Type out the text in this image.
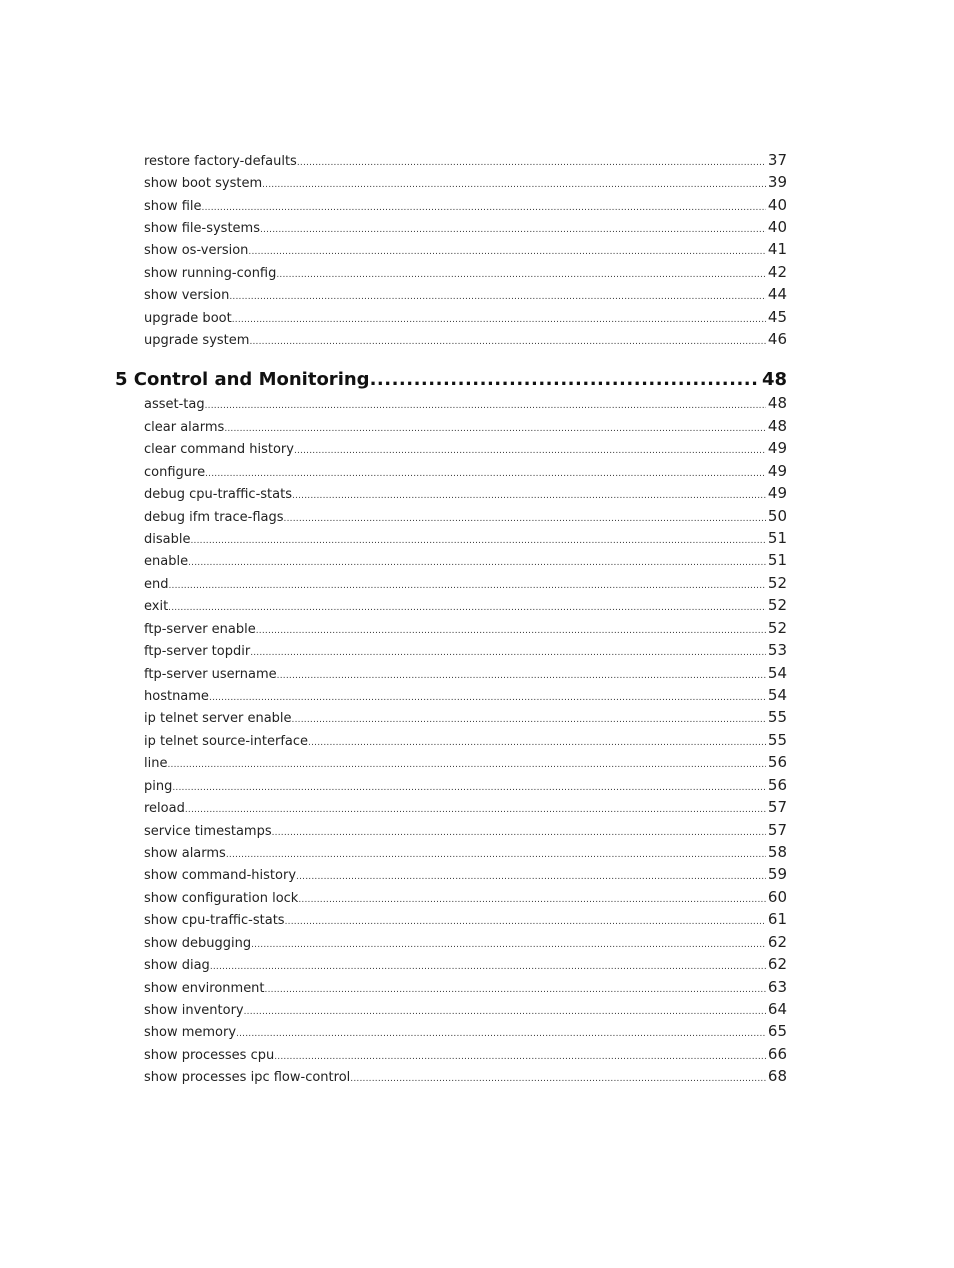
restore factory-defaults .....	37
show boot system .....	39
show file .....	40
show file-systems .....	40
show os-version .....	41
show running-config .....	42
show version .....	44
upgrade boot .....	45
upgrade system .....	46
5 Control and Monitoring .....	48
asset-tag .....	48
clear alarms .....	48
clear command history .....	49
configure .....	49
debug cpu-traffic-stats .....	49
debug ifm trace-flags .....	50
disable .....	51
enable .....	51
end .....	52
exit .....	52
ftp-server enable .....	52
ftp-server topdir .....	53
ftp-server username .....	54
hostname .....	54
ip telnet server enable .....	55
ip telnet source-interface .....	55
line .....	56
ping .....	56
reload .....	57
service timestamps .....	57
show alarms .....	58
show command-history .....	59
show configuration lock .....	60
show cpu-traffic-stats .....	61
show debugging .....	62
show diag .....	62
show environment .....	63
show inventory .....	64
show memory .....	65
show processes cpu .....	66
show processes ipc flow-control .....	68
